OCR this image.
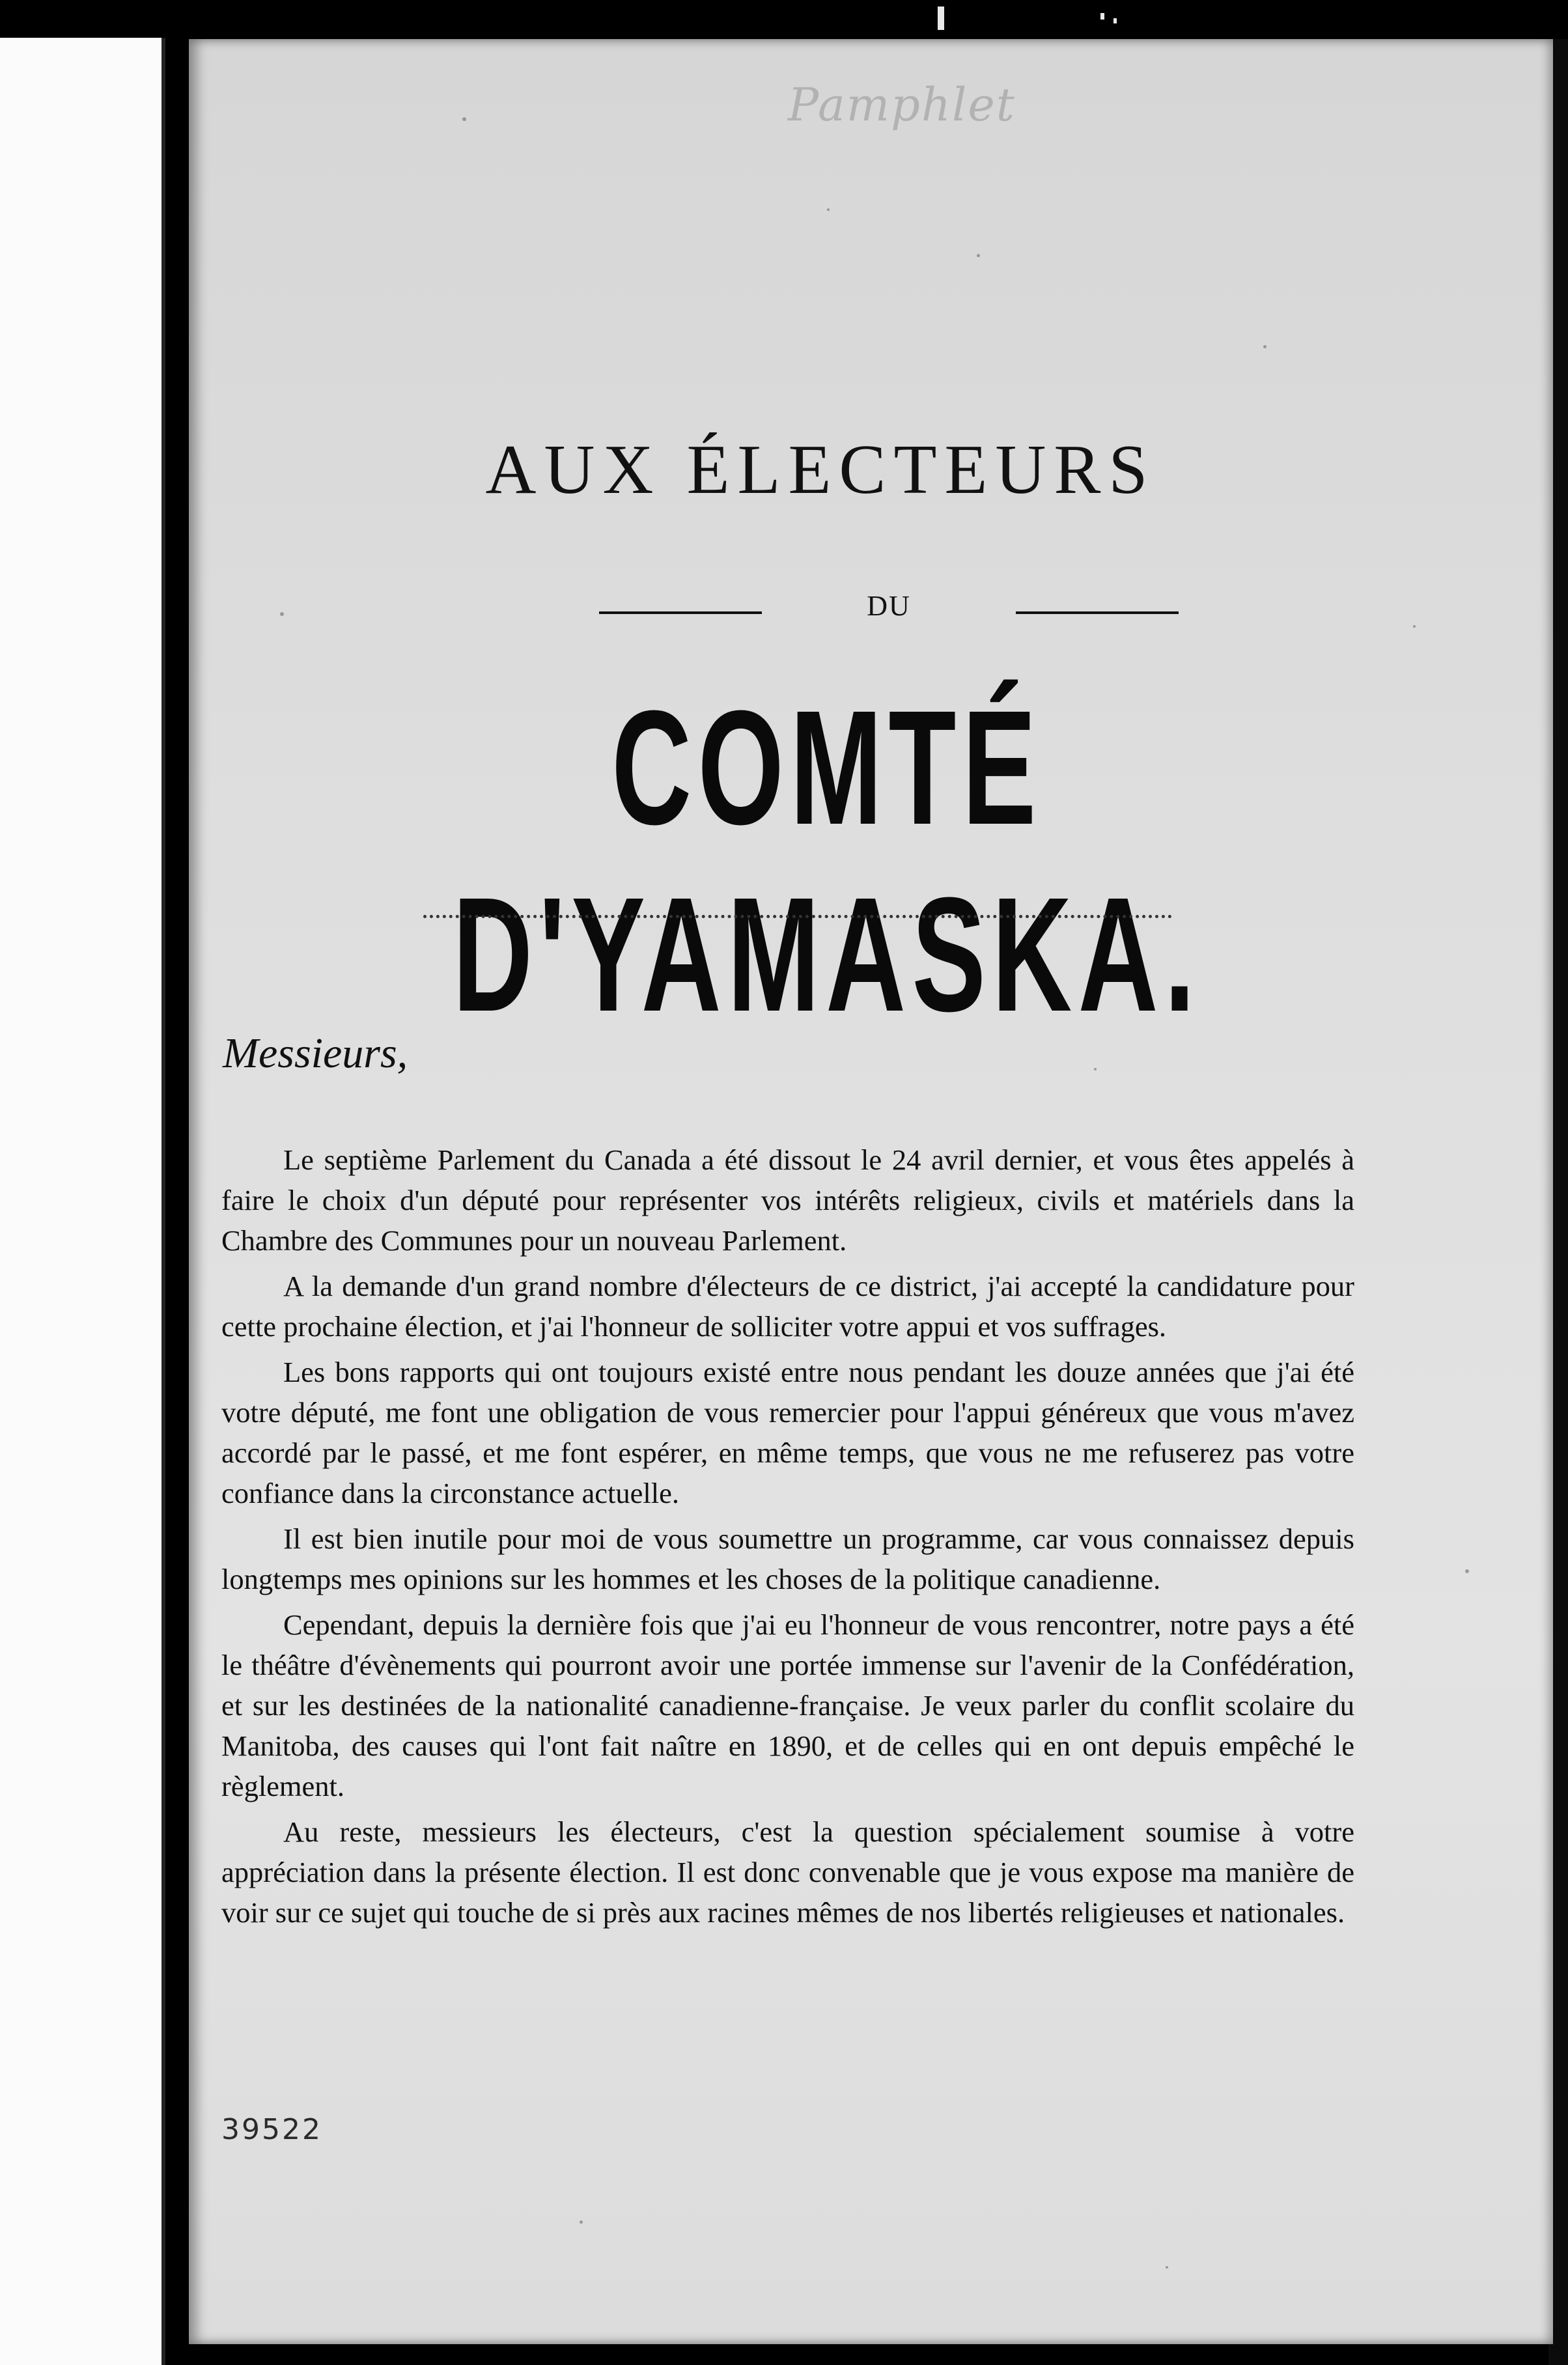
Pamphlet
AUX ÉLECTEURS
DU
COMTÉ D'YAMASKA.
Messieurs,

Le septième Parlement du Canada a été dissout le 24 avril dernier, et vous êtes appelés à faire le choix d'un député pour représenter vos intérêts religieux, civils et matériels dans la Chambre des Communes pour un nouveau Parlement.

A la demande d'un grand nombre d'électeurs de ce district, j'ai accepté la candidature pour cette prochaine élection, et j'ai l'honneur de solliciter votre appui et vos suffrages.

Les bons rapports qui ont toujours existé entre nous pendant les douze années que j'ai été votre député, me font une obligation de vous remercier pour l'appui généreux que vous m'avez accordé par le passé, et me font espérer, en même temps, que vous ne me refuserez pas votre confiance dans la circonstance actuelle.

Il est bien inutile pour moi de vous soumettre un programme, car vous connaissez depuis longtemps mes opinions sur les hommes et les choses de la politique canadienne.

Cependant, depuis la dernière fois que j'ai eu l'honneur de vous rencontrer, notre pays a été le théâtre d'évènements qui pourront avoir une portée immense sur l'avenir de la Confédération, et sur les destinées de la nationalité canadienne-française. Je veux parler du conflit scolaire du Manitoba, des causes qui l'ont fait naître en 1890, et de celles qui en ont depuis empêché le règlement.

Au reste, messieurs les électeurs, c'est la question spécialement soumise à votre appréciation dans la présente élection. Il est donc convenable que je vous expose ma manière de voir sur ce sujet qui touche de si près aux racines mêmes de nos libertés religieuses et nationales.

39522
